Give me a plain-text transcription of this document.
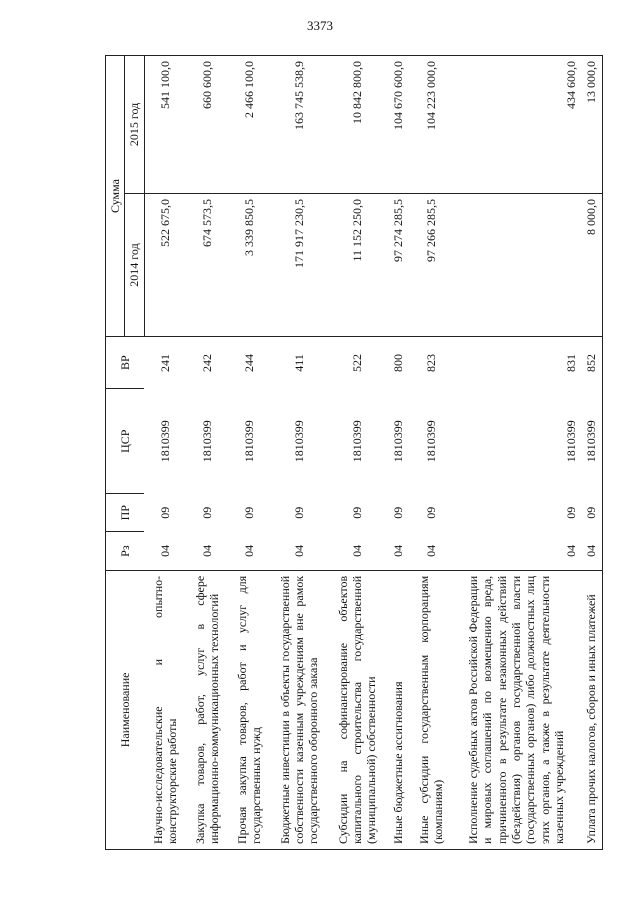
3373
Наименование	Рз	ПР	ЦСР	ВР	Сумма	
					2014 год	2015 год
Научно-исследовательские и опытно-конструкторские работы	04	09	1810399	241	522 675,0	541 100,0
Закупка товаров, работ, услуг в сфере информационно-коммуникационных технологий	04	09	1810399	242	674 573,5	660 600,0
Прочая закупка товаров, работ и услуг для государственных нужд	04	09	1810399	244	3 339 850,5	2 466 100,0
Бюджетные инвестиции в объекты государственной собственности казенным учреждениям вне рамок государственного оборонного заказа	04	09	1810399	411	171 917 230,5	163 745 538,9
Субсидии на софинансирование объектов капитального строительства государственной (муниципальной) собственности	04	09	1810399	522	11 152 250,0	10 842 800,0
Иные бюджетные ассигнования	04	09	1810399	800	97 274 285,5	104 670 600,0
Иные субсидии государственным корпорациям (компаниям)	04	09	1810399	823	97 266 285,5	104 223 000,0
Исполнение судебных актов Российской Федерации и мировых соглашений по возмещению вреда, причиненного в результате незаконных действий (бездействия) органов государственной власти (государственных органов) либо должностных лиц этих органов, а также в результате деятельности казенных учреждений	04	09	1810399	831		434 600,0
Уплата прочих налогов, сборов и иных платежей	04	09	1810399	852	8 000,0	13 000,0
